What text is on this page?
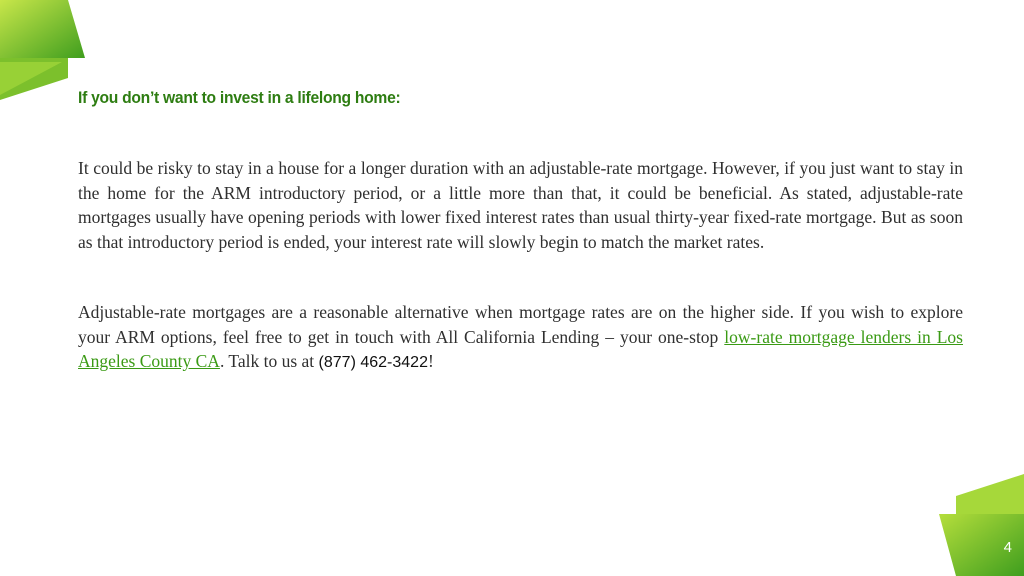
If you don’t want to invest in a lifelong home:

It could be risky to stay in a house for a longer duration with an adjustable-rate mortgage. However, if you just want to stay in the home for the ARM introductory period, or a little more than that, it could be beneficial. As stated, adjustable-rate mortgages usually have opening periods with lower fixed interest rates than usual thirty-year fixed-rate mortgage. But as soon as that introductory period is ended, your interest rate will slowly begin to match the market rates.

Adjustable-rate mortgages are a reasonable alternative when mortgage rates are on the higher side. If you wish to explore your ARM options, feel free to get in touch with All California Lending – your one-stop low-rate mortgage lenders in Los Angeles County CA. Talk to us at (877) 462-3422!

4
